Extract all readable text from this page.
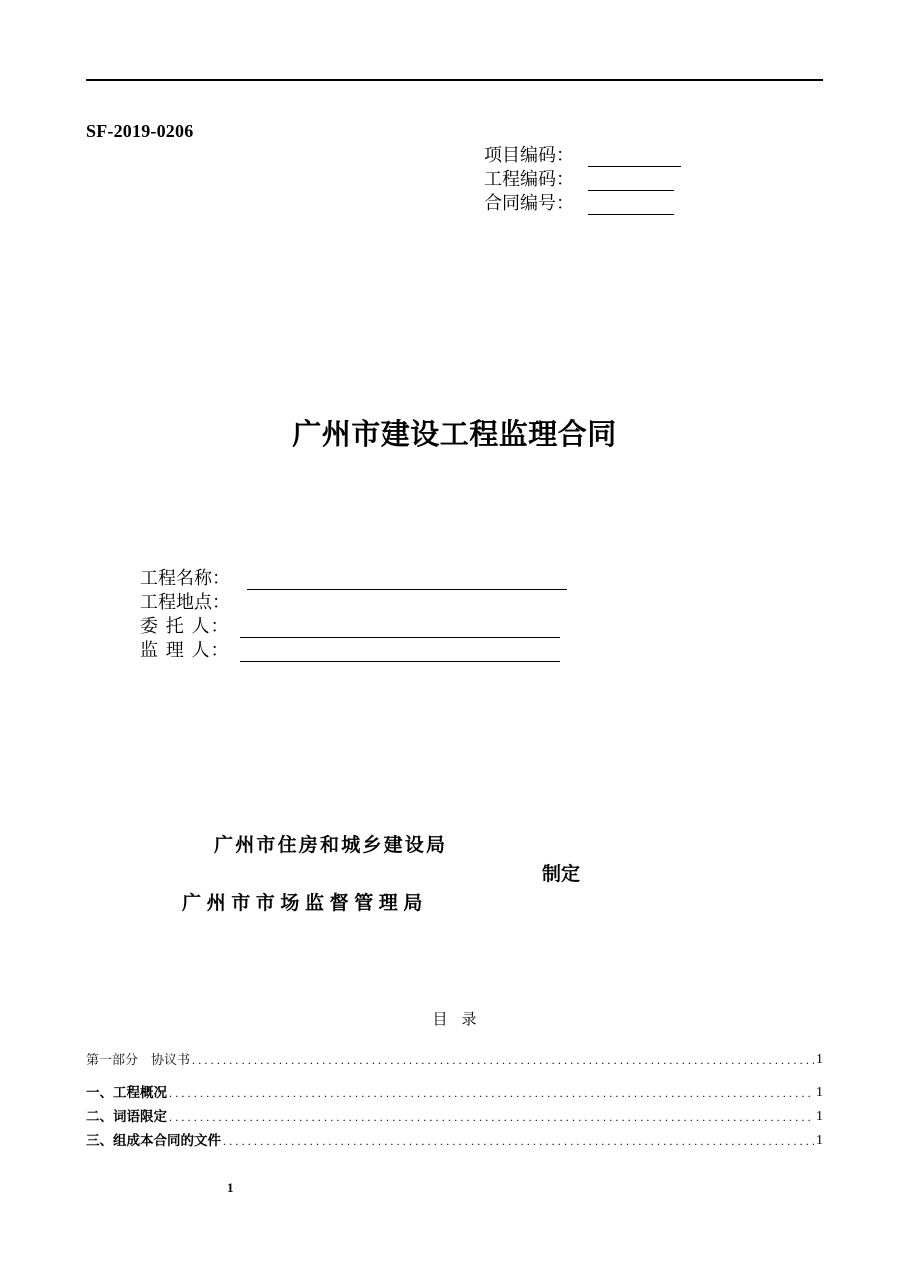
SF-2019-0206
项目编码：
工程编码：
合同编号：
广州市建设工程监理合同
工程名称：
工程地点：
委 托 人：
监 理 人：
广州市住房和城乡建设局
制定
广州市市场监督管理局
目录
第一部分　协议书 .....	1
一、工程概况 .....	1
二、词语限定 .....	1
三、组成本合同的文件 .....	1
1
